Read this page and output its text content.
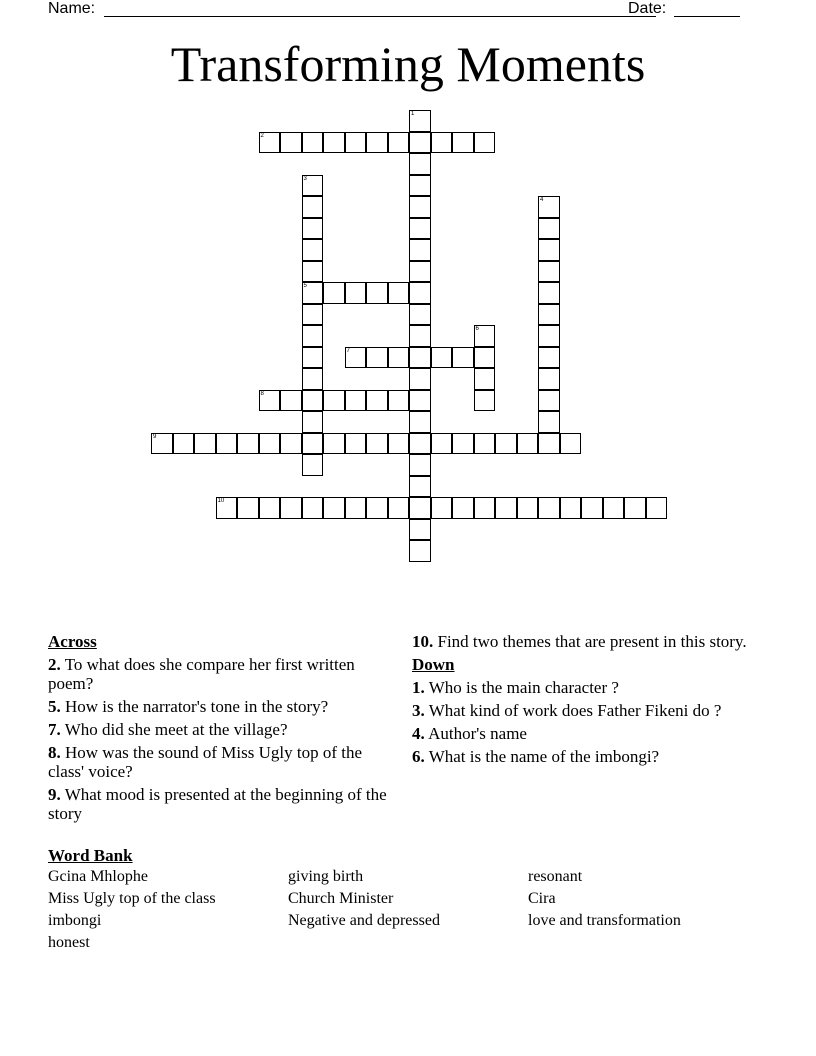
Name:	Date:
Transforming Moments
1
2
3
5
4
6
7
8
9
10
Across
2. To what does she compare her first written poem?
5. How is the narrator's tone in the story?
7. Who did she meet at the village?
8. How was the sound of Miss Ugly top of the class' voice?
9. What mood is presented at the beginning of the story
10. Find two themes that are present in this story.
Down
1. Who is the main character ?
3. What kind of work does Father Fikeni do ?
4. Author's name
6. What is the name of the imbongi?
Word Bank
Gcina Mhlophe	giving birth	resonant
Miss Ugly top of the class	Church Minister	Cira
imbongi	Negative and depressed	love and transformation
honest
